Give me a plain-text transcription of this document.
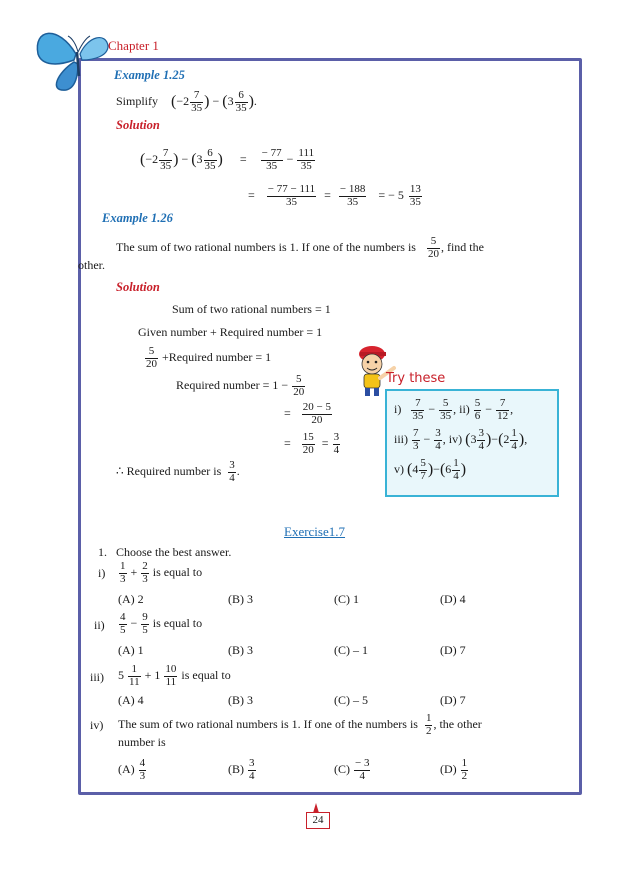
Chapter 1
Example 1.25
Simplify ($-2 \frac{7}{35}$ ) − ($3 \frac{6}{35}$ ).
Solution
($-2 \frac{7}{35}$ ) − ($3 \frac{6}{35}$ ) = $\frac{- 77}{35} - \frac{111}{35}$
= $\frac{- 77 - 111}{35} = \frac{- 188}{35}$ = − $5 \frac{13}{35}$
Example 1.26
The sum of two rational numbers is 1. If one of the numbers is $\frac{5}{20}$ , find the
other.
Solution
Sum of two rational numbers = 1
Given number + Required number = 1
$\frac{5}{20}$ +Required number = 1
Required number = $1 - \frac{5}{20}$
= $\frac{20 - 5}{20}$
= $\frac{15}{20} = \frac{3}{4}$
∴ Required number is $\frac{3}{4}$ .
Try these
$i) \frac{7}{35} - \frac{5}{35}$ , $ii) \frac{5}{6} - \frac{7}{12}$ ,
$iii) \frac{7}{3} - \frac{3}{4}$ , iv) $(3 \frac{3}{4} )-(2 \frac{1}{4}$ ),
v) $(4 \frac{5}{7} )-(6 \frac{1}{4}$ )
Exercise1.7
1.   Choose the best answer.
$i) \frac{1}{3} + \frac{2}{3}$ is equal to
(A) 2	(B) 3	(C) 1	(D) 4
$ii) \frac{4}{5} - \frac{9}{5}$ is equal to
(A) 1	(B) 3	(C) – 1	(D) 7
iii) $5 \frac{1}{11} + 1 \frac{10}{11}$ is equal to
(A) 4	(B) 3	(C) – 5	(D) 7
iv) The sum of two rational numbers is 1. If one of the numbers is $\frac{1}{2}$ , the other
number is
$(A) \frac{4}{3}$	$(B) \frac{3}{4}$	$(C) \frac{- 3}{4}$	$(D) \frac{1}{2}$
24
